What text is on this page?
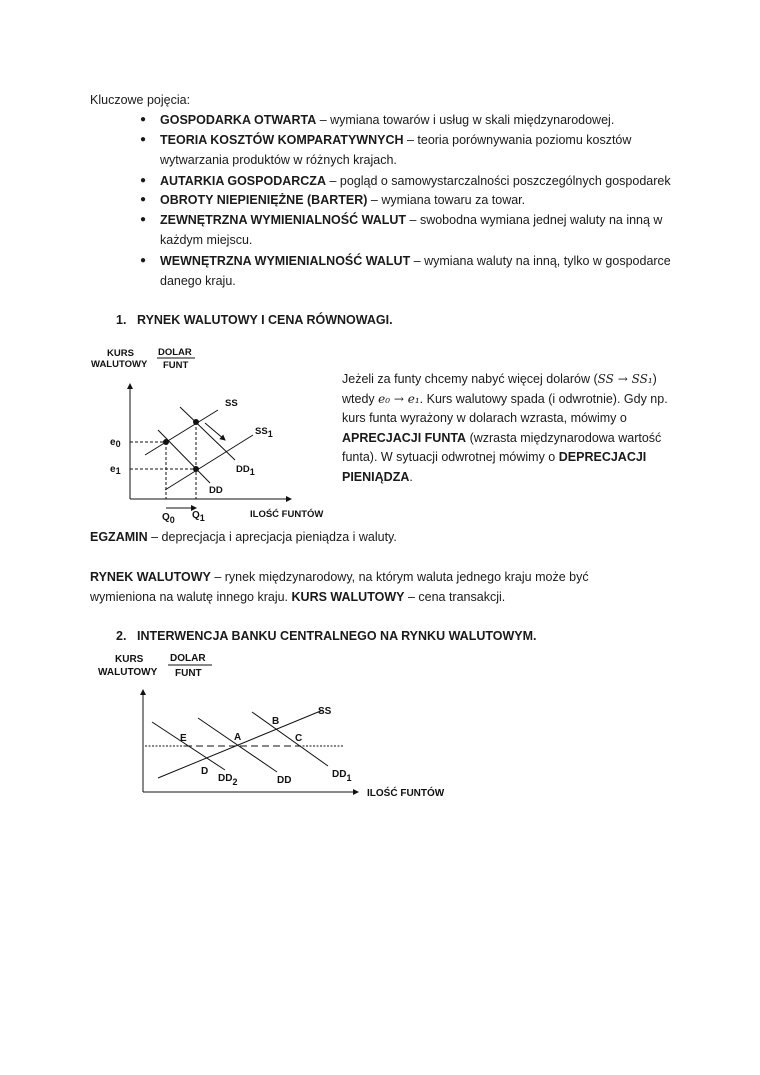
Kluczowe pojęcia:
● GOSPODARKA OTWARTA – wymiana towarów i usług w skali międzynarodowej.
● TEORIA KOSZTÓW KOMPARATYWNYCH – teoria porównywania poziomu kosztów
wytwarzania produktów w różnych krajach.
● AUTARKIA GOSPODARCZA – pogląd o samowystarczalności poszczególnych gospodarek
● OBROTY NIEPIENIĘŻNE (BARTER) – wymiana towaru za towar.
● ZEWNĘTRZNA WYMIENIALNOŚĆ WALUT – swobodna wymiana jednej waluty na inną w
każdym miejscu.
● WEWNĘTRZNA WYMIENIALNOŚĆ WALUT – wymiana waluty na inną, tylko w gospodarce
danego kraju.
1. RYNEK WALUTOWY I CENA RÓWNOWAGI.
KURS
WALUTOWY
DOLAR
FUNT
SS
SS1
DD1
DD
e0
e1
Q0 Q1	ILOŚĆ FUNTÓW
Jeżeli za funty chcemy nabyć więcej dolarów (SS → SS₁) wtedy e₀ → e₁. Kurs walutowy spada (i odwrotnie). Gdy np. kurs funta wyrażony w dolarach wzrasta, mówimy o APRECJACJI FUNTA (wzrasta międzynarodowa wartość funta). W sytuacji odwrotnej mówimy o DEPRECJACJI PIENIĄDZA.
EGZAMIN – deprecjacja i aprecjacja pieniądza i waluty.
RYNEK WALUTOWY – rynek międzynarodowy, na którym waluta jednego kraju może być
wymieniona na walutę innego kraju. KURS WALUTOWY – cena transakcji.
2. INTERWENCJA BANKU CENTRALNEGO NA RYNKU WALUTOWYM.
KURS
WALUTOWY
DOLAR
FUNT
SS
E	A
B
C
D
DD2	DD
DD1
ILOŚĆ FUNTÓW
